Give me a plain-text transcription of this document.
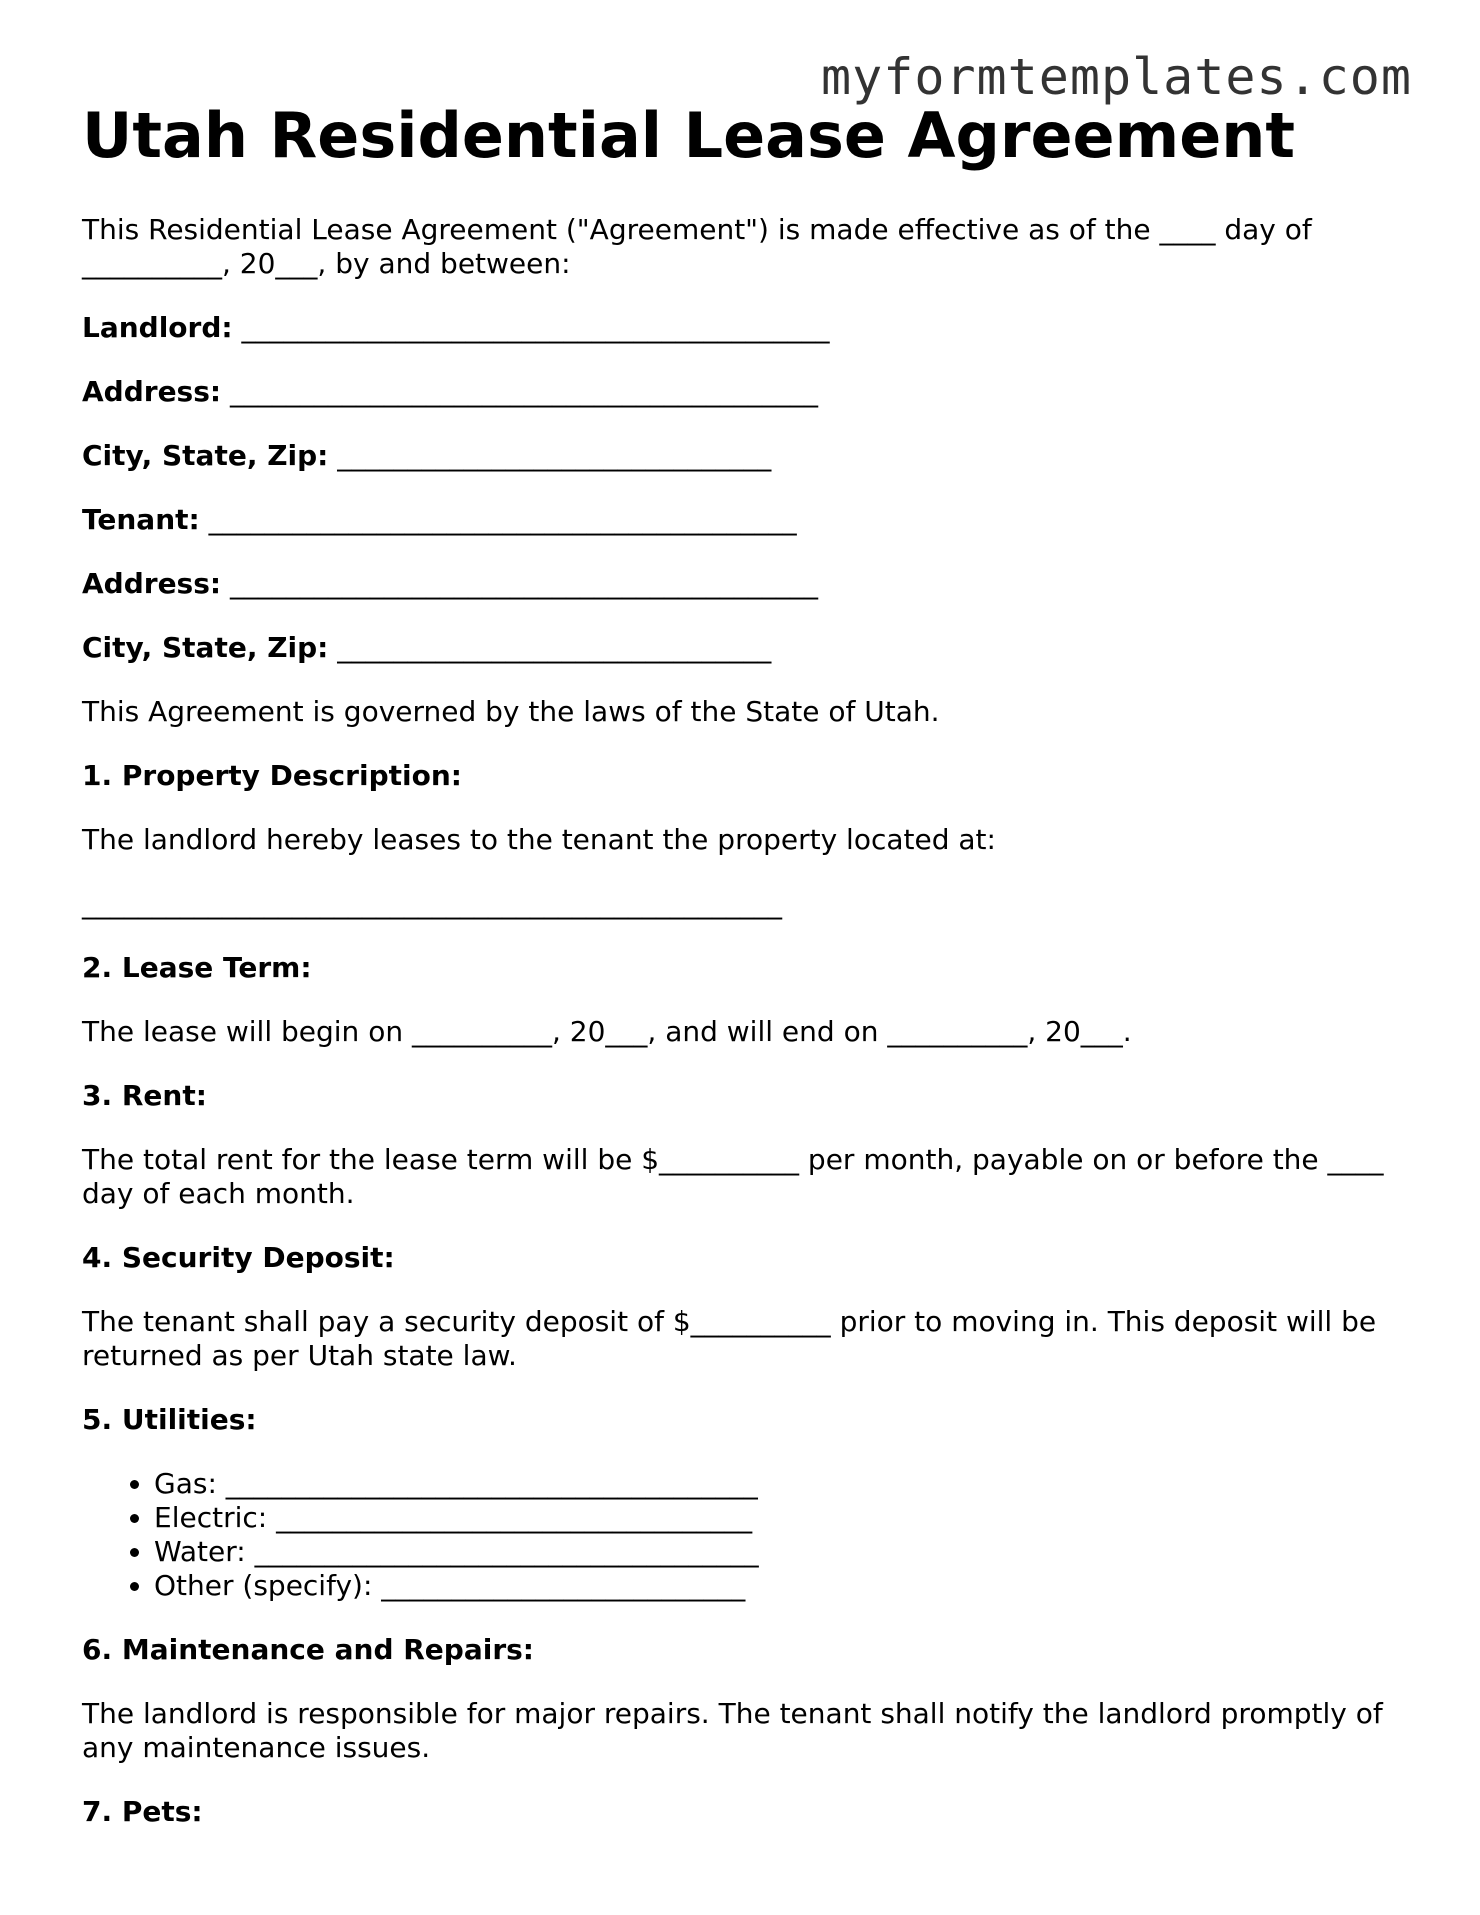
myformtemplates.com
Utah Residential Lease Agreement

This Residential Lease Agreement ("Agreement") is made effective as of the ____ day of __________, 20___, by and between:

Landlord: __________________________________________
Address: __________________________________________
City, State, Zip: _______________________________
Tenant: __________________________________________
Address: __________________________________________
City, State, Zip: _______________________________

This Agreement is governed by the laws of the State of Utah.

1. Property Description:

The landlord hereby leases to the tenant the property located at:

__________________________________________________

2. Lease Term:

The lease will begin on __________, 20___, and will end on __________, 20___.

3. Rent:

The total rent for the lease term will be $__________ per month, payable on or before the ____ day of each month.

4. Security Deposit:

The tenant shall pay a security deposit of $__________ prior to moving in. This deposit will be returned as per Utah state law.

5. Utilities:

• Gas: ______________________________________
• Electric: __________________________________
• Water: ____________________________________
• Other (specify): __________________________

6. Maintenance and Repairs:

The landlord is responsible for major repairs. The tenant shall notify the landlord promptly of any maintenance issues.

7. Pets:
